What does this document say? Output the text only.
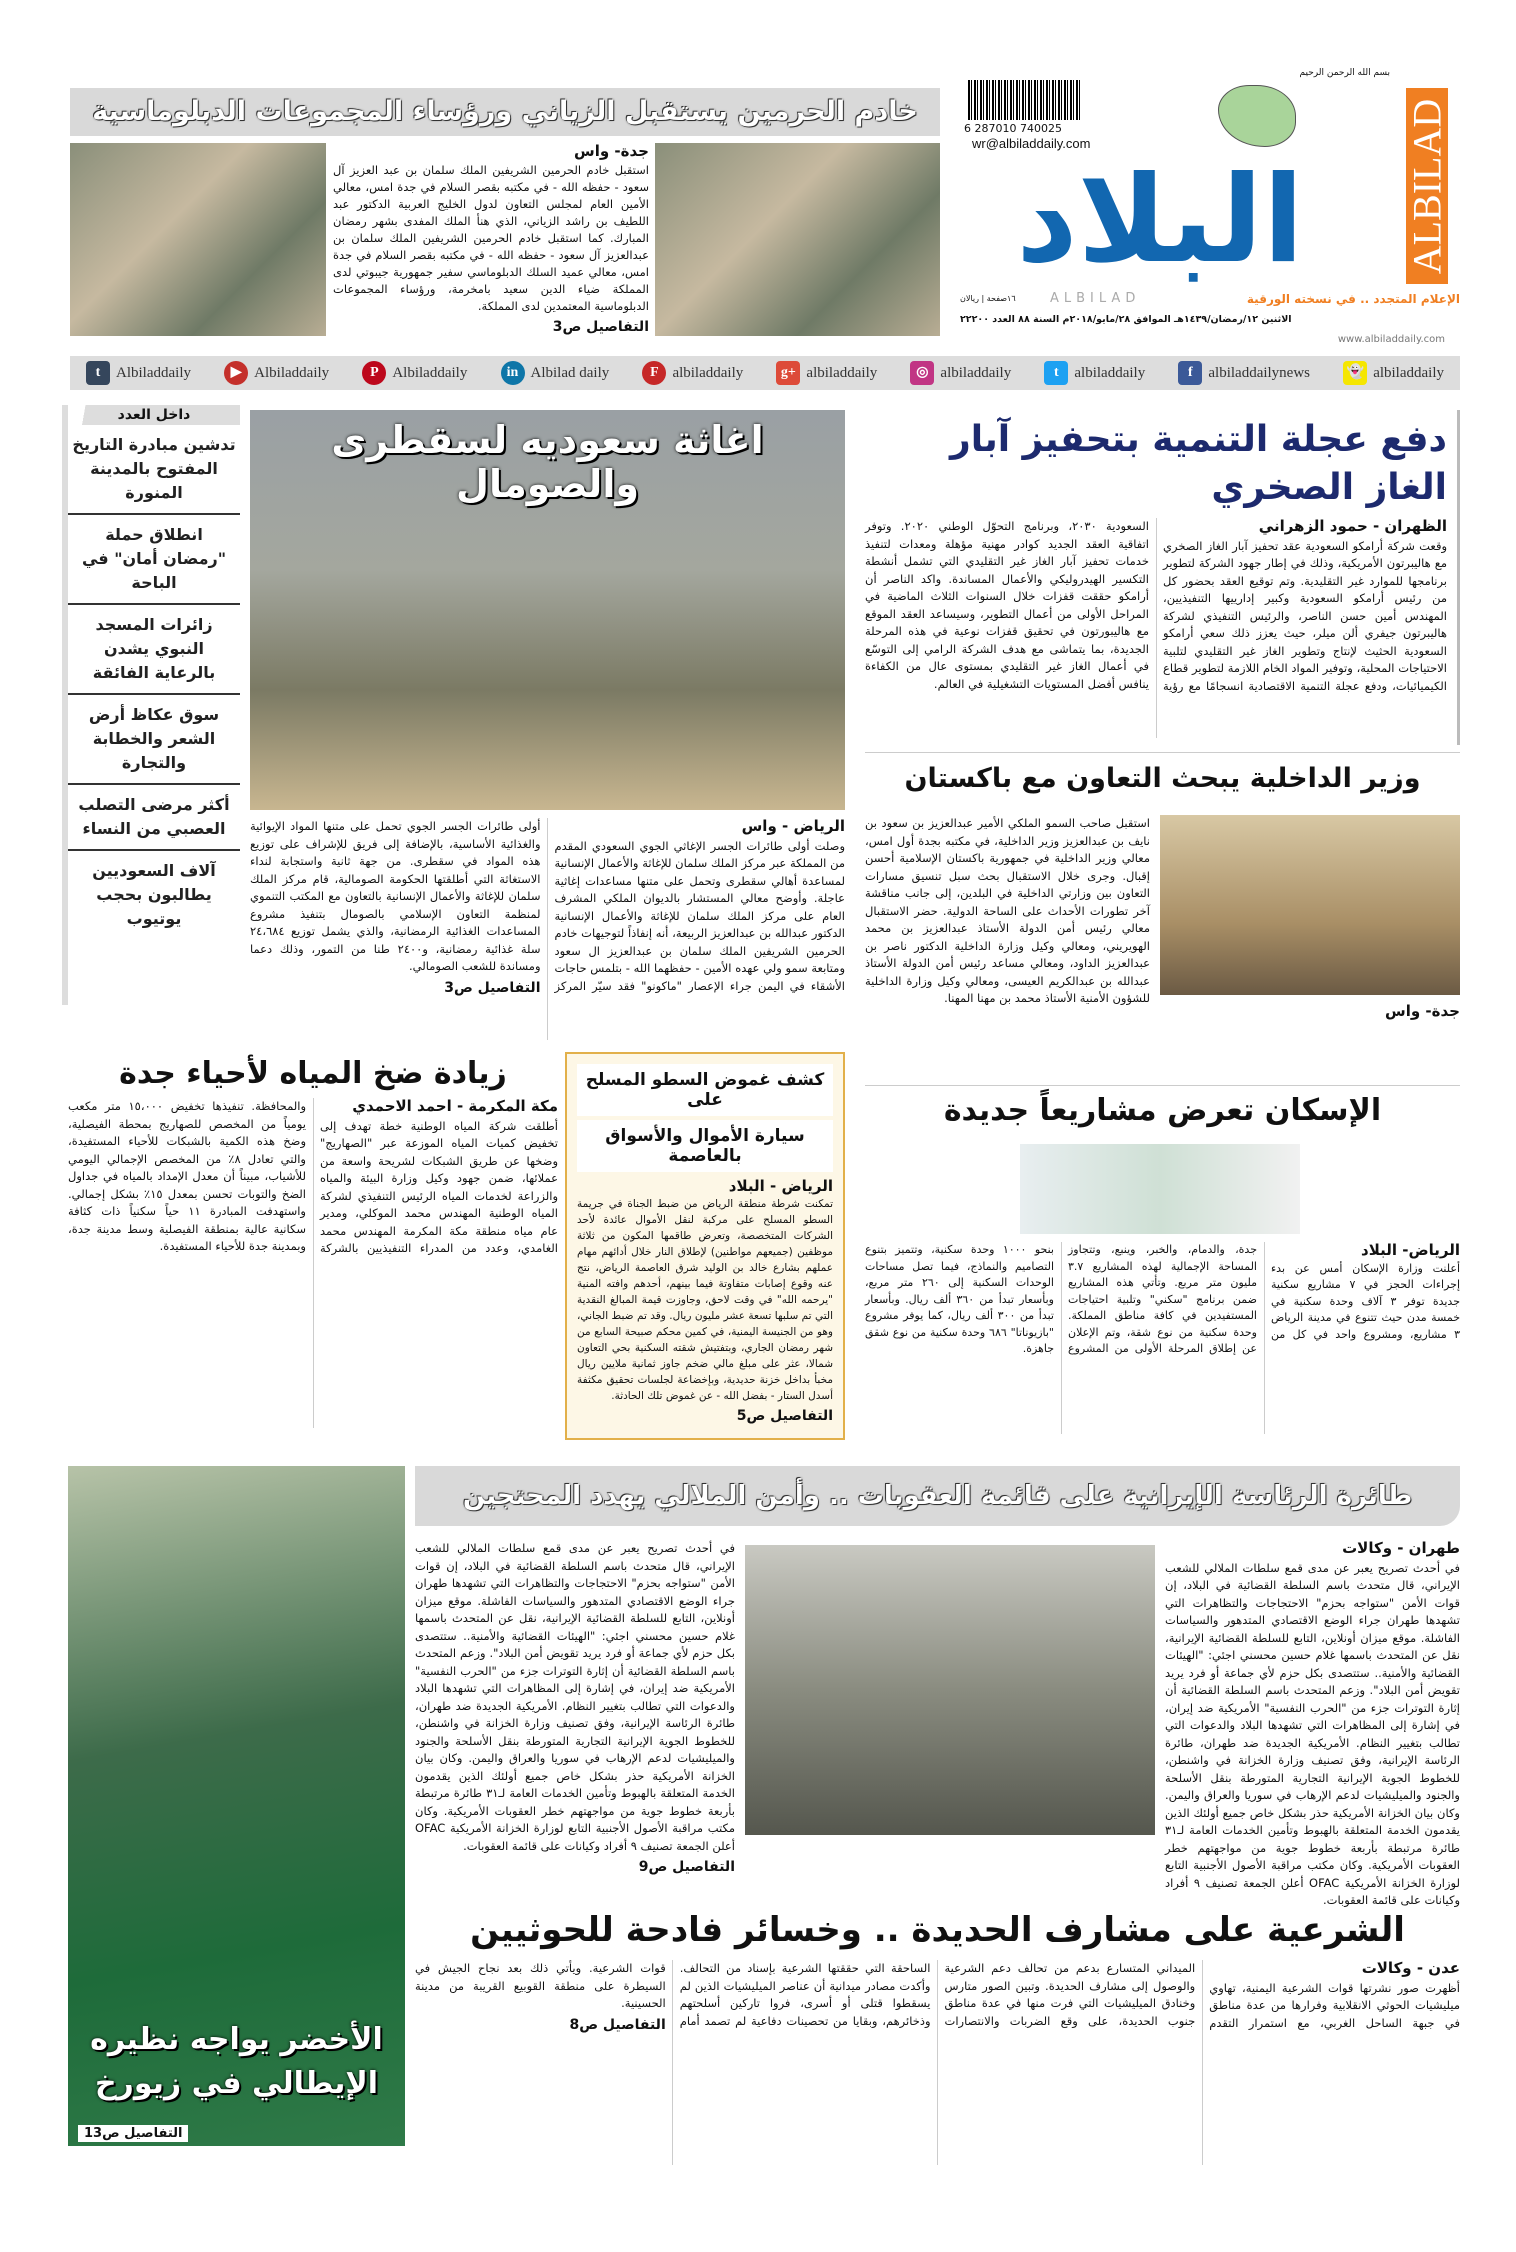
بسم الله الرحمن الرحيم
6 287010 740025
wr@albiladdaily.com
البلاد	ALBILAD
١٦صفحة | ريالان	ALBILAD	الإعلام المتجدد .. في نسخته الورقية
الاثنين ١٢/رمضان/١٤٣٩هـ الموافق ٢٨/مايو/٢٠١٨م السنة ٨٨ العدد ٢٢٢٠٠
www.albiladdaily.com
خادم الحرمين يستقبل الزياني ورؤساء المجموعات الدبلوماسية
جدة- واس
استقبل خادم الحرمين الشريفين الملك سلمان بن عبد العزيز آل سعود - حفظه الله - في مكتبه بقصر السلام في جدة امس، معالي الأمين العام لمجلس التعاون لدول الخليج العربية الدكتور عبد اللطيف بن راشد الزياني، الذي هنأ الملك المفدى بشهر رمضان المبارك. كما استقبل خادم الحرمين الشريفين الملك سلمان بن عبدالعزيز آل سعود - حفظه الله - في مكتبه بقصر السلام في جدة امس، معالي عميد السلك الدبلوماسي سفير جمهورية جيبوتي لدى المملكة ضياء الدين سعيد بامخرمة، ورؤساء المجموعات الدبلوماسية المعتمدين لدى المملكة.
التفاصيل ص3
👻 albiladdaily
f	albiladdailynews
t	albiladdaily
◎ albiladdaily
g+ albiladdaily
F albiladdaily
in Albilad daily
P Albiladdaily
▶ Albiladdaily
t	Albiladdaily
داخل العدد
تدشين مبادرة التاريخ المفتوح بالمدينة المنورة
انطلاق حملة "رمضان أمان" في الباحة
زائرات المسجد النبوي يشدن بالرعاية الفائقة
سوق عكاظ أرض الشعر والخطابة والتجارة
أكثر مرضى التصلب العصبي من النساء
آلاف السعوديين يطالبون بحجب يوتيوب
اغاثة سعوديه لسقطرى والصومال
الرياض - واس
وصلت أولى طائرات الجسر الإغاثي الجوي السعودي المقدم من المملكة عبر مركز الملك سلمان للإغاثة والأعمال الإنسانية لمساعدة أهالي سقطرى وتحمل على متنها مساعدات إغاثية عاجلة. وأوضح معالي المستشار بالديوان الملكي المشرف العام على مركز الملك سلمان للإغاثة والأعمال الإنسانية الدكتور عبدالله بن عبدالعزيز الربيعة، أنه إنفاذاً لتوجيهات خادم الحرمين الشريفين الملك سلمان بن عبدالعزيز ال سعود ومتابعة سمو ولي عهده الأمين - حفظهما الله - بتلمس حاجات الأشقاء في اليمن جراء الإعصار "ماكونو" فقد سيّر المركز أولى طائرات الجسر الجوي تحمل على متنها المواد الإيوائية والغذائية الأساسية، بالإضافة إلى فريق للإشراف على توزيع هذه المواد في سقطرى. من جهة ثانية واستجابة لنداء الاستغاثة التي أطلقتها الحكومة الصومالية، قام مركز الملك سلمان للإغاثة والأعمال الإنسانية بالتعاون مع المكتب التنموي لمنظمة التعاون الإسلامي بالصومال بتنفيذ مشروع المساعدات الغذائية الرمضانية، والذي يشمل توزيع ٢٤،٦٨٤ سلة غذائية رمضانية، و٢٤٠٠ طنا من التمور، وذلك دعما ومساندة للشعب الصومالي.
التفاصيل ص3
دفع عجلة التنمية بتحفيز آبار الغاز الصخري
الظهران - حمود الزهراني
وقعت شركة أرامكو السعودية عقد تحفيز آبار الغاز الصخري مع هاليبرتون الأمريكية، وذلك في إطار جهود الشركة لتطوير برنامجها للموارد غير التقليدية. وتم توقيع العقد بحضور كل من رئيس أرامكو السعودية وكبير إدارييها التنفيذيين، المهندس أمين حسن الناصر، والرئيس التنفيذي لشركة هاليبرتون جيفري ألن ميلر، حيث يعزز ذلك سعي أرامكو السعودية الحثيث لإنتاج وتطوير الغاز غير التقليدي لتلبية الاحتياجات المحلية، وتوفير المواد الخام اللازمة لتطوير قطاع الكيميائيات، ودفع عجلة التنمية الاقتصادية انسجامًا مع رؤية السعودية ٢٠٣٠، وبرنامج التحوّل الوطني ٢٠٢٠. وتوفر اتفاقية العقد الجديد كوادر مهنية مؤهلة ومعدات لتنفيذ خدمات تحفيز آبار الغاز غير التقليدي التي تشمل أنشطة التكسير الهيدروليكي والأعمال المساندة. واكد الناصر أن أرامكو حققت قفزات خلال السنوات الثلاث الماضية في المراحل الأولى من أعمال التطوير، وسيساعد العقد الموقع مع هاليبورتون في تحقيق قفزات نوعية في هذه المرحلة الجديدة، بما يتماشى مع هدف الشركة الرامي إلى التوسّع في أعمال الغاز غير التقليدي بمستوى عال من الكفاءة ينافس أفضل المستويات التشغيلية في العالم.
وزير الداخلية يبحث التعاون مع باكستان
استقبل صاحب السمو الملكي الأمير عبدالعزيز بن سعود بن نايف بن عبدالعزيز وزير الداخلية، في مكتبه بجدة أول امس، معالي وزير الداخلية في جمهورية باكستان الإسلامية أحسن إقبال. وجرى خلال الاستقبال بحث سبل تنسيق مسارات التعاون بين وزارتي الداخلية في البلدين، إلى جانب مناقشة آخر تطورات الأحداث على الساحة الدولية. حضر الاستقبال معالي رئيس أمن الدولة الأستاذ عبدالعزيز بن محمد الهويريني، ومعالي وكيل وزارة الداخلية الدكتور ناصر بن عبدالعزيز الداود، ومعالي مساعد رئيس أمن الدولة الأستاذ عبدالله بن عبدالكريم العيسى، ومعالي وكيل وزارة الداخلية للشؤون الأمنية الأستاذ محمد بن مهنا المهنا.
جدة- واس
زيادة ضخ المياه لأحياء جدة
مكة المكرمة - احمد الاحمدي
أطلقت شركة المياه الوطنية خطة تهدف إلى تخفيض كميات المياه الموزعة عبر "الصهاريج" وضخها عن طريق الشبكات لشريحة واسعة من عملائها، ضمن جهود وكيل وزارة البيئة والمياه والزراعة لخدمات المياه الرئيس التنفيذي لشركة المياه الوطنية المهندس محمد الموكلي، ومدير عام مياه منطقة مكة المكرمة المهندس محمد الغامدي، وعدد من المدراء التنفيذيين بالشركة والمحافظة. تنفيذها تخفيض ١٥،٠٠٠ متر مكعب يومياً من المخصص للصهاريج بمحطة الفيصلية، وضخ هذه الكمية بالشبكات للأحياء المستفيدة، والتي تعادل ٨٪ من المخصص الإجمالي اليومي للأشياب، مبيناً أن معدل الإمداد بالمياه في جداول الضخ والتوبات تحسن بمعدل ١٥٪ بشكل إجمالي. واستهدفت المبادرة ١١ حياً سكنياً ذات كثافة سكانية عالية بمنطقة الفيصلية وسط مدينة جدة، وبمدينة جدة للأحياء المستفيدة.
كشف غموض السطو المسلح على
سيارة الأموال والأسواق بالعاصمة
الرياض - البلاد
تمكنت شرطة منطقة الرياض من ضبط الجناة في جريمة السطو المسلح على مركبة لنقل الأموال عائدة لأحد الشركات المتخصصة، وتعرض طاقمها المكون من ثلاثة موظفين (جميعهم مواطنين) لإطلاق النار خلال أدائهم مهام عملهم بشارع خالد بن الوليد شرق العاصمة الرياض، نتج عنه وقوع إصابات متفاوتة فيما بينهم، أحدهم وافته المنية "يرحمه الله" في وقت لاحق، وجاوزت قيمة المبالغ النقدية التي تم سلبها تسعة عشر مليون ريال. وقد تم ضبط الجاني، وهو من الجنيسة اليمنية، في كمين محكم صبيحة السابع من شهر رمضان الجاري، وبتفتيش شقته السكنية بحي التعاون شمالا، عثر على مبلغ مالي ضخم جاوز ثمانية ملايين ريال مخبأ بداخل خزنة حديدية، وبإخضاعة لجلسات تحقيق مكثفة أسدل الستار - بفضل الله - عن غموض تلك الحادثة.
التفاصيل ص5
الإسكان تعرض مشاريعاً جديدة
الرياض- البلاد
أعلنت وزارة الإسكان أمس عن بدء إجراءات الحجز في ٧ مشاريع سكنية جديدة توفر ٣ آلاف وحدة سكنية في خمسة مدن حيث تتنوع في مدينة الرياض ٣ مشاريع، ومشروع واحد في كل من جدة، والدمام، والخبر، وينبع، وتتجاوز المساحة الإجمالية لهذه المشاريع ٣.٧ مليون متر مربع. وتأتي هذه المشاريع ضمن برنامج "سكني" وتلبية احتياجات المستفيدين في كافة مناطق المملكة. وحدة سكنية من نوع شقة، وتم الإعلان عن إطلاق المرحلة الأولى من المشروع بنحو ١٠٠٠ وحدة سكنية، وتتميز بتنوع التصاميم والنماذج، فيما تصل مساحات الوحدات السكنية إلى ٢٦٠ متر مربع، وبأسعار تبدأ من ٣٦٠ ألف ريال. وبأسعار تبدأ من ٣٠٠ ألف ريال، كما يوفر مشروع "بازيوناتا" ٦٨٦ وحدة سكنية من نوع شقق جاهزة.
الأخضر يواجه نظيره الإيطالي في زيورخ
التفاصيل ص13
طائرة الرئاسة الإيرانية على قائمة العقوبات .. وأمن الملالي يهدد المحتجين
طهران - وكالات
في أحدث تصريح يعبر عن مدى قمع سلطات الملالي للشعب الإيراني، قال متحدث باسم السلطة القضائية في البلاد، إن قوات الأمن "ستواجه بحزم" الاحتجاجات والتظاهرات التي تشهدها طهران جراء الوضع الاقتصادي المتدهور والسياسات الفاشلة. موقع ميزان أونلاين، التابع للسلطة القضائية الإيرانية، نقل عن المتحدث باسمها غلام حسين محسني اجئي: "الهيئات القضائية والأمنية.. ستتصدى بكل حزم لأي جماعة أو فرد يريد تقويض أمن البلاد". وزعم المتحدث باسم السلطة القضائية أن إثارة التوترات جزء من "الحرب النفسية" الأمريكية ضد إيران، في إشارة إلى المظاهرات التي تشهدها البلاد والدعوات التي تطالب بتغيير النظام. الأمريكية الجديدة ضد طهران، طائرة الرئاسة الإيرانية، وفق تصنيف وزارة الخزانة في واشنطن، للخطوط الجوية الإيرانية التجارية المتورطة بنقل الأسلحة والجنود والميليشيات لدعم الإرهاب في سوريا والعراق واليمن. وكان بيان الخزانة الأمريكية حذر بشكل خاص جميع أولئك الذين يقدمون الخدمة المتعلقة بالهبوط وتأمين الخدمات العامة لـ٣١ طائرة مرتبطة بأربعة خطوط جوية من مواجهتهم خطر العقوبات الأمريكية. وكان مكتب مراقبة الأصول الأجنبية التابع لوزارة الخزانة الأمريكية OFAC أعلن الجمعة تصنيف ٩ أفراد وكيانات على قائمة العقوبات.
في أحدث تصريح يعبر عن مدى قمع سلطات الملالي للشعب الإيراني، قال متحدث باسم السلطة القضائية في البلاد، إن قوات الأمن "ستواجه بحزم" الاحتجاجات والتظاهرات التي تشهدها طهران جراء الوضع الاقتصادي المتدهور والسياسات الفاشلة. موقع ميزان أونلاين، التابع للسلطة القضائية الإيرانية، نقل عن المتحدث باسمها غلام حسين محسني اجئي: "الهيئات القضائية والأمنية.. ستتصدى بكل حزم لأي جماعة أو فرد يريد تقويض أمن البلاد". وزعم المتحدث باسم السلطة القضائية أن إثارة التوترات جزء من "الحرب النفسية" الأمريكية ضد إيران، في إشارة إلى المظاهرات التي تشهدها البلاد والدعوات التي تطالب بتغيير النظام. الأمريكية الجديدة ضد طهران، طائرة الرئاسة الإيرانية، وفق تصنيف وزارة الخزانة في واشنطن، للخطوط الجوية الإيرانية التجارية المتورطة بنقل الأسلحة والجنود والميليشيات لدعم الإرهاب في سوريا والعراق واليمن. وكان بيان الخزانة الأمريكية حذر بشكل خاص جميع أولئك الذين يقدمون الخدمة المتعلقة بالهبوط وتأمين الخدمات العامة لـ٣١ طائرة مرتبطة بأربعة خطوط جوية من مواجهتهم خطر العقوبات الأمريكية. وكان مكتب مراقبة الأصول الأجنبية التابع لوزارة الخزانة الأمريكية OFAC أعلن الجمعة تصنيف ٩ أفراد وكيانات على قائمة العقوبات.
التفاصيل ص9
الشرعية على مشارف الحديدة .. وخسائر فادحة للحوثيين
عدن - وكالات
أظهرت صور نشرتها قوات الشرعية اليمنية، تهاوي ميليشيات الحوثي الانقلابية وفرارها من عدة مناطق في جبهة الساحل الغربي، مع استمرار التقدم الميداني المتسارع بدعم من تحالف دعم الشرعية والوصول إلى مشارف الحديدة. وتبين الصور متارس وخنادق الميليشيات التي فرت منها في عدة مناطق جنوب الحديدة، على وقع الضربات والانتصارات الساحقة التي حققتها الشرعية بإسناد من التحالف. وأكدت مصادر ميدانية أن عناصر الميليشيات الذين لم يسقطوا قتلى أو أسرى، فروا تاركين أسلحتهم وذخائرهم، وبقايا من تحصينات دفاعية لم تصمد أمام قوات الشرعية. ويأتي ذلك بعد نجاح الجيش في السيطرة على منطقة القوبيع القريبة من مدينة الحسينية.
التفاصيل ص8
